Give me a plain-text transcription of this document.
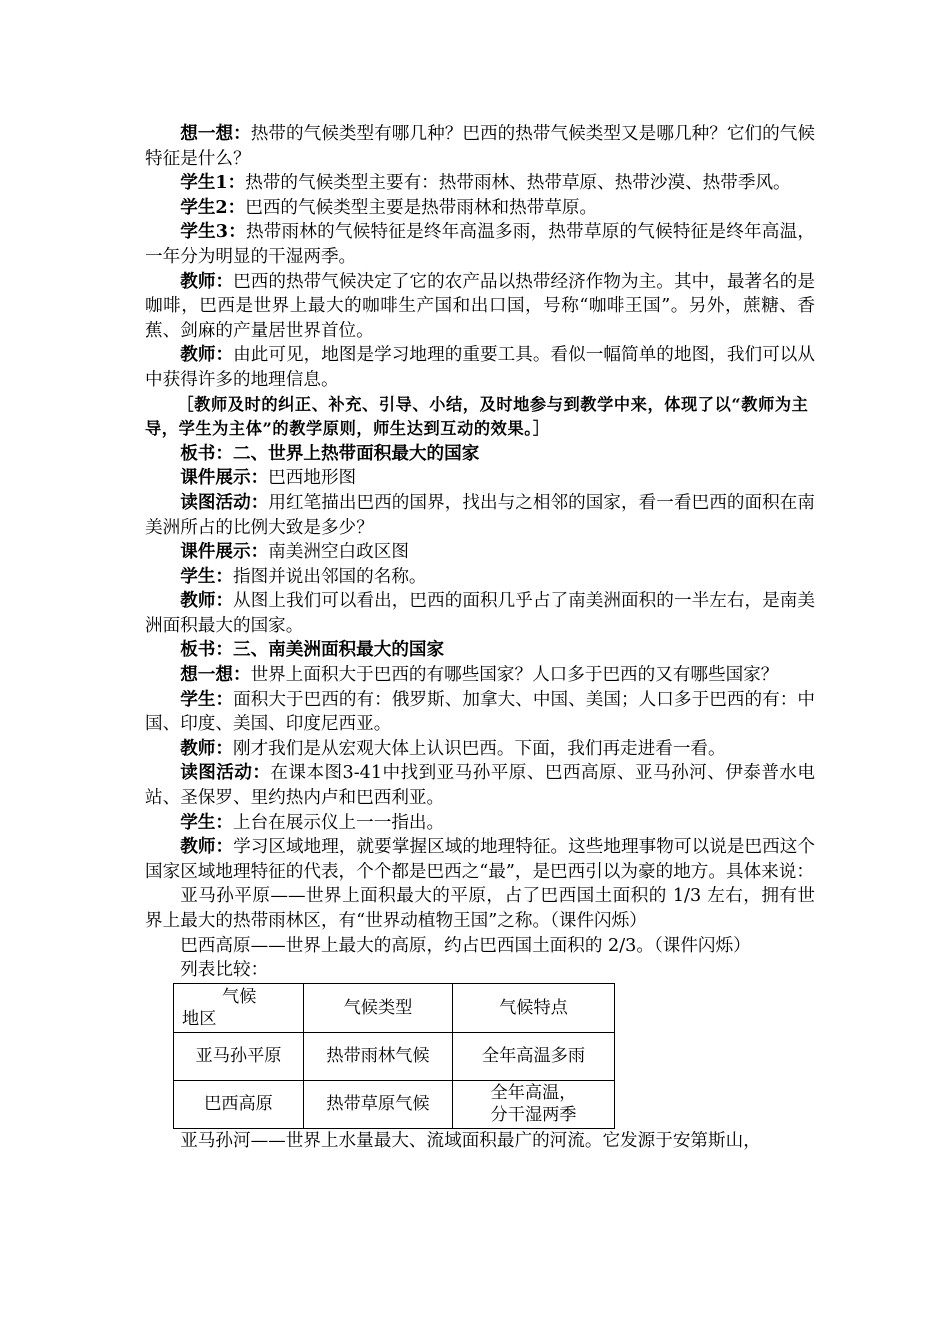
想一想：热带的气候类型有哪几种？巴西的热带气候类型又是哪几种？它们的气候特征是什么？

学生1：热带的气候类型主要有：热带雨林、热带草原、热带沙漠、热带季风。

学生2：巴西的气候类型主要是热带雨林和热带草原。

学生3：热带雨林的气候特征是终年高温多雨，热带草原的气候特征是终年高温，一年分为明显的干湿两季。

教师：巴西的热带气候决定了它的农产品以热带经济作物为主。其中，最著名的是咖啡，巴西是世界上最大的咖啡生产国和出口国，号称“咖啡王国”。另外，蔗糖、香蕉、剑麻的产量居世界首位。

教师：由此可见，地图是学习地理的重要工具。看似一幅简单的地图，我们可以从中获得许多的地理信息。

［教师及时的纠正、补充、引导、小结，及时地参与到教学中来，体现了以“教师为主导，学生为主体”的教学原则，师生达到互动的效果。］

板书：二、世界上热带面积最大的国家

课件展示：巴西地形图

读图活动：用红笔描出巴西的国界，找出与之相邻的国家，看一看巴西的面积在南美洲所占的比例大致是多少？

课件展示：南美洲空白政区图

学生：指图并说出邻国的名称。

教师：从图上我们可以看出，巴西的面积几乎占了南美洲面积的一半左右，是南美洲面积最大的国家。

板书：三、南美洲面积最大的国家

想一想：世界上面积大于巴西的有哪些国家？人口多于巴西的又有哪些国家？

学生：面积大于巴西的有：俄罗斯、加拿大、中国、美国；人口多于巴西的有：中国、印度、美国、印度尼西亚。

教师：刚才我们是从宏观大体上认识巴西。下面，我们再走进看一看。

读图活动：在课本图3-41中找到亚马孙平原、巴西高原、亚马孙河、伊泰普水电站、圣保罗、里约热内卢和巴西利亚。

学生：上台在展示仪上一一指出。

教师：学习区域地理，就要掌握区域的地理特征。这些地理事物可以说是巴西这个国家区域地理特征的代表，个个都是巴西之“最”，是巴西引以为豪的地方。具体来说：

亚马孙平原——世界上面积最大的平原，占了巴西国土面积的 1/3 左右，拥有世界上最大的热带雨林区，有“世界动植物王国”之称。（课件闪烁）

巴西高原——世界上最大的高原，约占巴西国土面积的 2/3。（课件闪烁）

列表比较：

气候
地区	气候类型	气候特点
亚马孙平原	热带雨林气候	全年高温多雨
巴西高原	热带草原气候	全年高温，
分干湿两季

亚马孙河——世界上水量最大、流域面积最广的河流。它发源于安第斯山，
